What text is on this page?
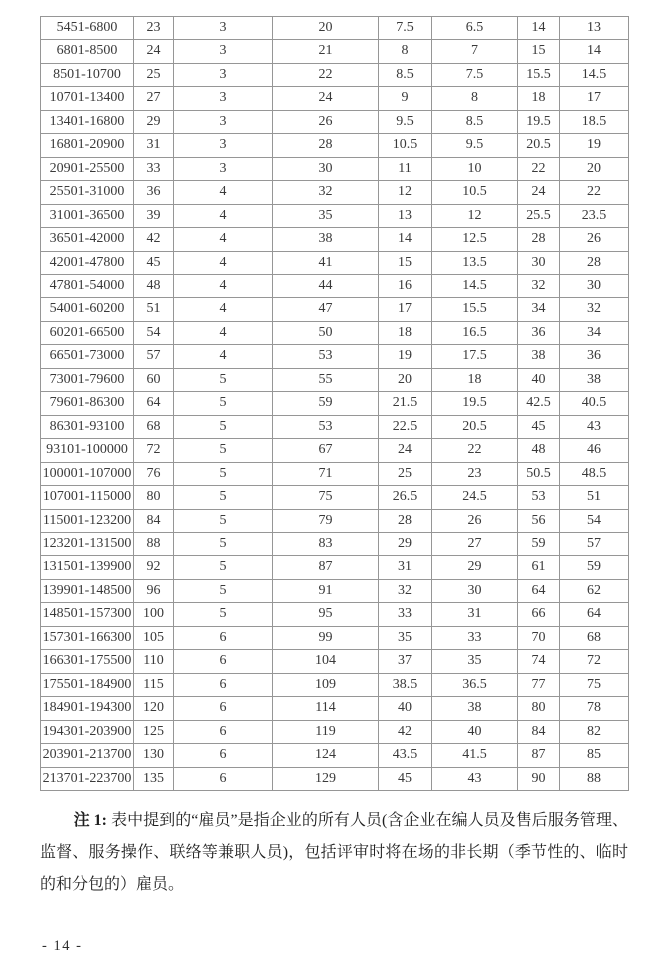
5451-6800	23	3	20	7.5	6.5	14	13
6801-8500	24	3	21	8	7	15	14
8501-10700	25	3	22	8.5	7.5	15.5	14.5
10701-13400	27	3	24	9	8	18	17
13401-16800	29	3	26	9.5	8.5	19.5	18.5
16801-20900	31	3	28	10.5	9.5	20.5	19
20901-25500	33	3	30	11	10	22	20
25501-31000	36	4	32	12	10.5	24	22
31001-36500	39	4	35	13	12	25.5	23.5
36501-42000	42	4	38	14	12.5	28	26
42001-47800	45	4	41	15	13.5	30	28
47801-54000	48	4	44	16	14.5	32	30
54001-60200	51	4	47	17	15.5	34	32
60201-66500	54	4	50	18	16.5	36	34
66501-73000	57	4	53	19	17.5	38	36
73001-79600	60	5	55	20	18	40	38
79601-86300	64	5	59	21.5	19.5	42.5	40.5
86301-93100	68	5	53	22.5	20.5	45	43
93101-100000	72	5	67	24	22	48	46
100001-107000	76	5	71	25	23	50.5	48.5
107001-115000	80	5	75	26.5	24.5	53	51
115001-123200	84	5	79	28	26	56	54
123201-131500	88	5	83	29	27	59	57
131501-139900	92	5	87	31	29	61	59
139901-148500	96	5	91	32	30	64	62
148501-157300	100	5	95	33	31	66	64
157301-166300	105	6	99	35	33	70	68
166301-175500	110	6	104	37	35	74	72
175501-184900	115	6	109	38.5	36.5	77	75
184901-194300	120	6	114	40	38	80	78
194301-203900	125	6	119	42	40	84	82
203901-213700	130	6	124	43.5	41.5	87	85
213701-223700	135	6	129	45	43	90	88

注 1: 表中提到的“雇员”是指企业的所有人员(含企业在编人员及售后服务管理、监督、服务操作、联络等兼职人员)，包括评审时将在场的非长期（季节性的、临时的和分包的）雇员。

- 14 -
